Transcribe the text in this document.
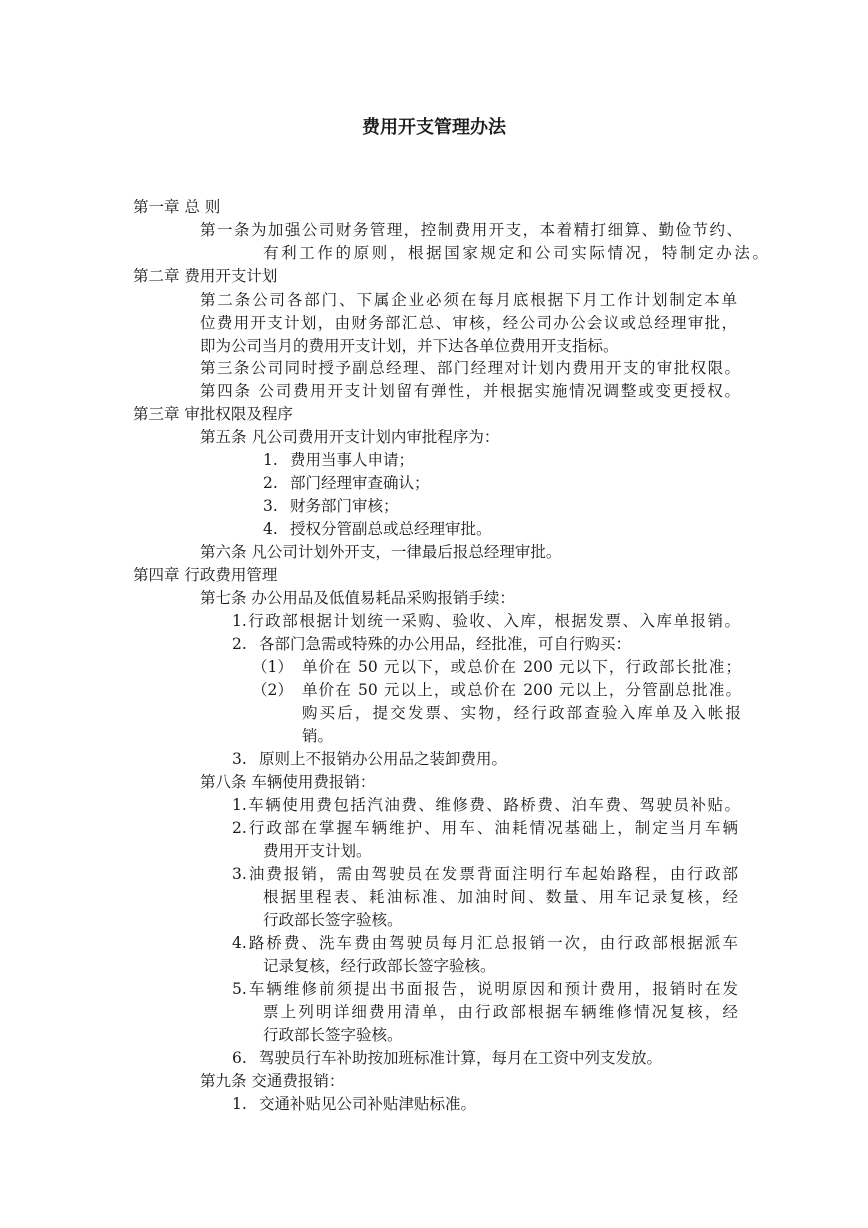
费用开支管理办法
第一章 总 则
第一条为加强公司财务管理，控制费用开支，本着精打细算、勤俭节约、
有利工作的原则，根据国家规定和公司实际情况，特制定办法。
第二章 费用开支计划
第二条公司各部门、下属企业必须在每月底根据下月工作计划制定本单
位费用开支计划，由财务部汇总、审核，经公司办公会议或总经理审批，
即为公司当月的费用开支计划，并下达各单位费用开支指标。
第三条公司同时授予副总经理、部门经理对计划内费用开支的审批权限。
第四条 公司费用开支计划留有弹性，并根据实施情况调整或变更授权。
第三章 审批权限及程序
第五条 凡公司费用开支计划内审批程序为：
1. 费用当事人申请；
2. 部门经理审查确认；
3. 财务部门审核；
4. 授权分管副总或总经理审批。
第六条 凡公司计划外开支，一律最后报总经理审批。
第四章 行政费用管理
第七条 办公用品及低值易耗品采购报销手续：
1.行政部根据计划统一采购、验收、入库，根据发票、入库单报销。
2. 各部门急需或特殊的办公用品，经批准，可自行购买：
（1） 单价在 50 元以下，或总价在 200 元以下，行政部长批准；
（2） 单价在 50 元以上，或总价在 200 元以上，分管副总批准。
购买后，提交发票、实物，经行政部查验入库单及入帐报
销。
3. 原则上不报销办公用品之装卸费用。
第八条 车辆使用费报销：
1.车辆使用费包括汽油费、维修费、路桥费、泊车费、驾驶员补贴。
2.行政部在掌握车辆维护、用车、油耗情况基础上，制定当月车辆
费用开支计划。
3.油费报销，需由驾驶员在发票背面注明行车起始路程，由行政部
根据里程表、耗油标准、加油时间、数量、用车记录复核，经
行政部长签字验核。
4.路桥费、洗车费由驾驶员每月汇总报销一次，由行政部根据派车
记录复核，经行政部长签字验核。
5.车辆维修前须提出书面报告，说明原因和预计费用，报销时在发
票上列明详细费用清单，由行政部根据车辆维修情况复核，经
行政部长签字验核。
6. 驾驶员行车补助按加班标准计算，每月在工资中列支发放。
第九条 交通费报销：
1. 交通补贴见公司补贴津贴标准。
